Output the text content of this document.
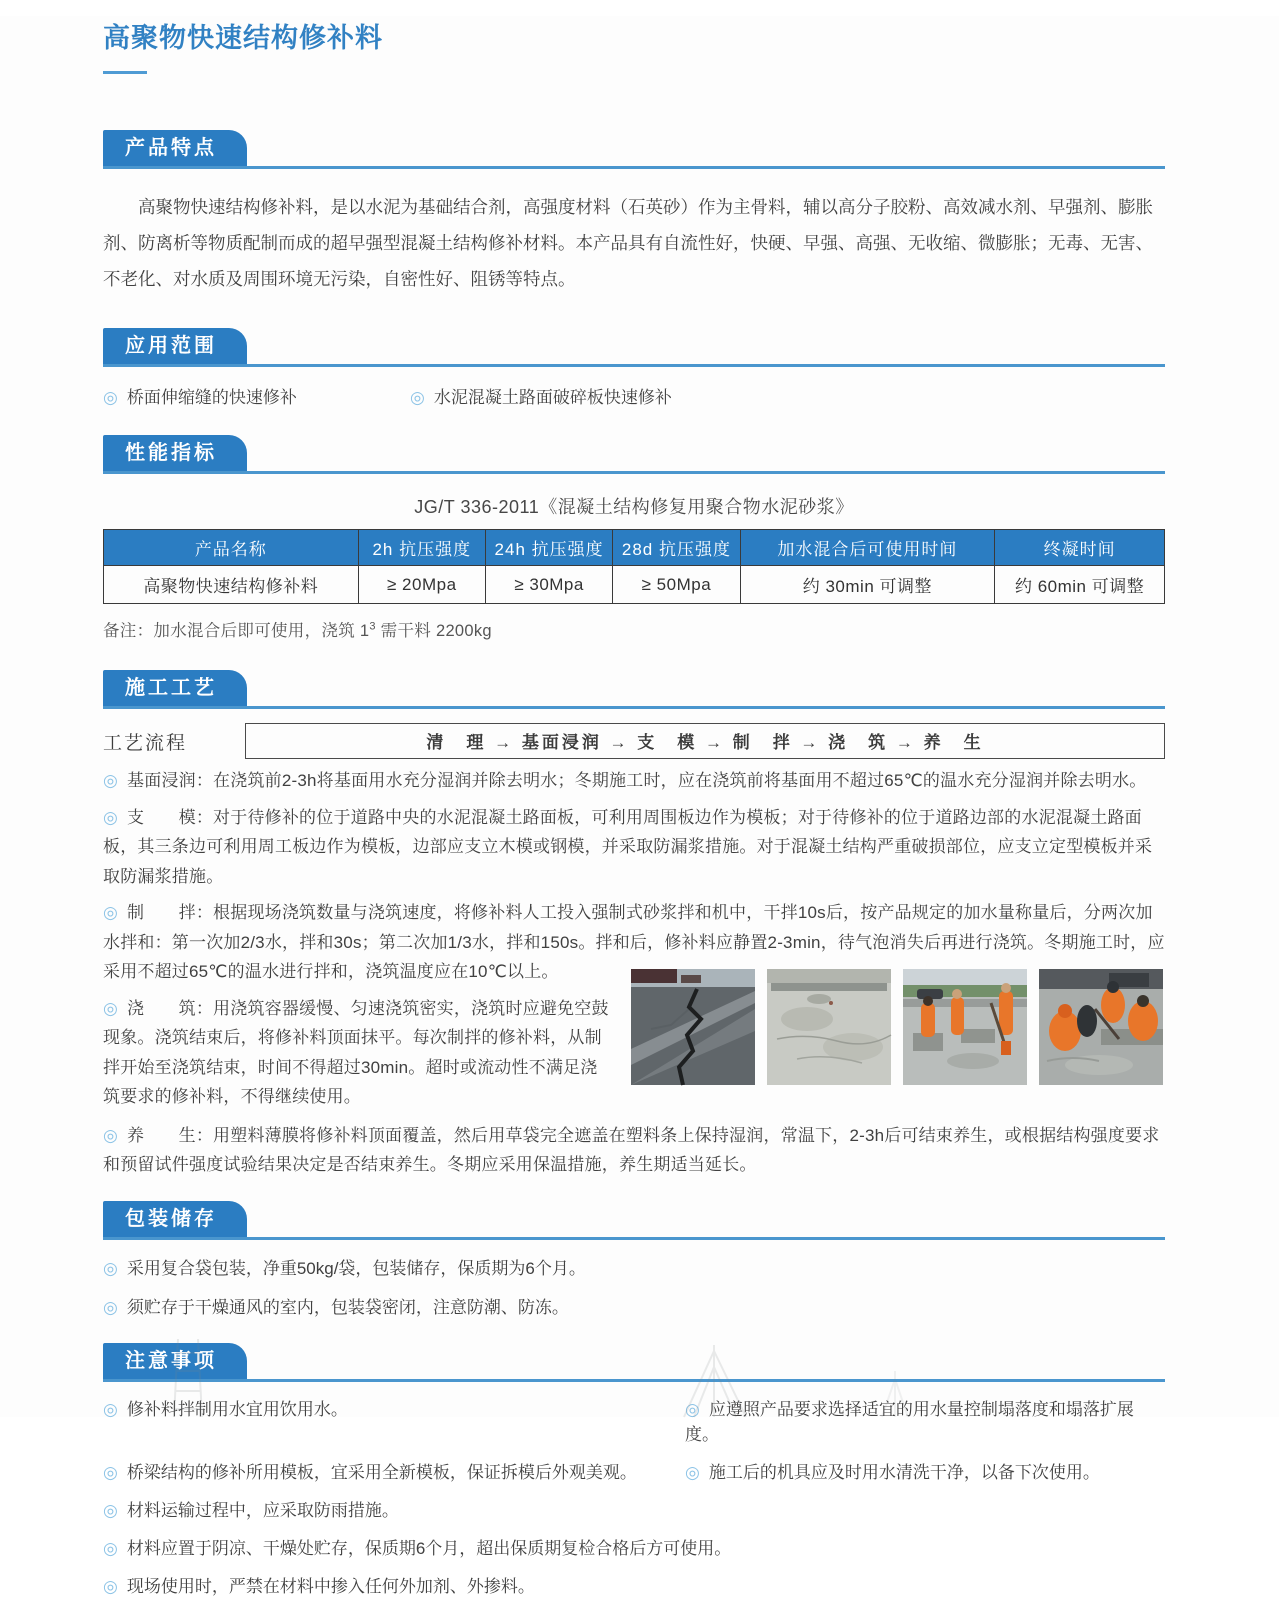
高聚物快速结构修补料
产品特点

高聚物快速结构修补料，是以水泥为基础结合剂，高强度材料（石英砂）作为主骨料，辅以高分子胶粉、高效减水剂、早强剂、膨胀剂、防离析等物质配制而成的超早强型混凝土结构修补材料。本产品具有自流性好，快硬、早强、高强、无收缩、微膨胀；无毒、无害、不老化、对水质及周围环境无污染，自密性好、阻锈等特点。

应用范围
◎ 桥面伸缩缝的快速修补	◎ 水泥混凝土路面破碎板快速修补
性能指标
JG/T 336-2011《混凝土结构修复用聚合物水泥砂浆》
产品名称	2h 抗压强度	24h 抗压强度	28d 抗压强度	加水混合后可使用时间	终凝时间
高聚物快速结构修补料	≥ 20Mpa	≥ 30Mpa	≥ 50Mpa	约 30min 可调整	约 60min 可调整

备注：加水混合后即可使用，浇筑 $1^3$ 需干料 2200kg

施工工艺
工艺流程	清　理 → 基面浸润 → 支　模 → 制　拌 → 浇　筑 → 养　生

◎ 基面浸润：在浇筑前2-3h将基面用水充分湿润并除去明水；冬期施工时，应在浇筑前将基面用不超过65℃的温水充分湿润并除去明水。

◎ 支　　模：对于待修补的位于道路中央的水泥混凝土路面板，可利用周围板边作为模板；对于待修补的位于道路边部的水泥混凝土路面板，其三条边可利用周工板边作为模板，边部应支立木模或钢模，并采取防漏浆措施。对于混凝土结构严重破损部位，应支立定型模板并采取防漏浆措施。

◎ 制　　拌：根据现场浇筑数量与浇筑速度，将修补料人工投入强制式砂浆拌和机中，干拌10s后，按产品规定的加水量称量后，分两次加水拌和：第一次加2/3水，拌和30s；第二次加1/3水，拌和150s。拌和后，修补料应静置2-3min，待气泡消失后再进行浇筑。冬期施工时，应采用不超过65℃的温水进行拌和，浇筑温度应在10℃以上。

◎ 浇　　筑：用浇筑容器缓慢、匀速浇筑密实，浇筑时应避免空鼓现象。浇筑结束后，将修补料顶面抹平。每次制拌的修补料，从制拌开始至浇筑结束，时间不得超过30min。超时或流动性不满足浇筑要求的修补料，不得继续使用。

◎ 养　　生：用塑料薄膜将修补料顶面覆盖，然后用草袋完全遮盖在塑料条上保持湿润，常温下，2-3h后可结束养生，或根据结构强度要求和预留试件强度试验结果决定是否结束养生。冬期应采用保温措施，养生期适当延长。

包装储存

◎ 采用复合袋包装，净重50kg/袋，包装储存，保质期为6个月。

◎ 须贮存于干燥通风的室内，包装袋密闭，注意防潮、防冻。

注意事项
◎ 修补料拌制用水宜用饮用水。	◎ 应遵照产品要求选择适宜的用水量控制塌落度和塌落扩展度。
◎ 桥梁结构的修补所用模板，宜采用全新模板，保证拆模后外观美观。	◎ 施工后的机具应及时用水清洗干净，以备下次使用。
◎ 材料运输过程中，应采取防雨措施。
◎ 材料应置于阴凉、干燥处贮存，保质期6个月，超出保质期复检合格后方可使用。
◎ 现场使用时，严禁在材料中掺入任何外加剂、外掺料。
